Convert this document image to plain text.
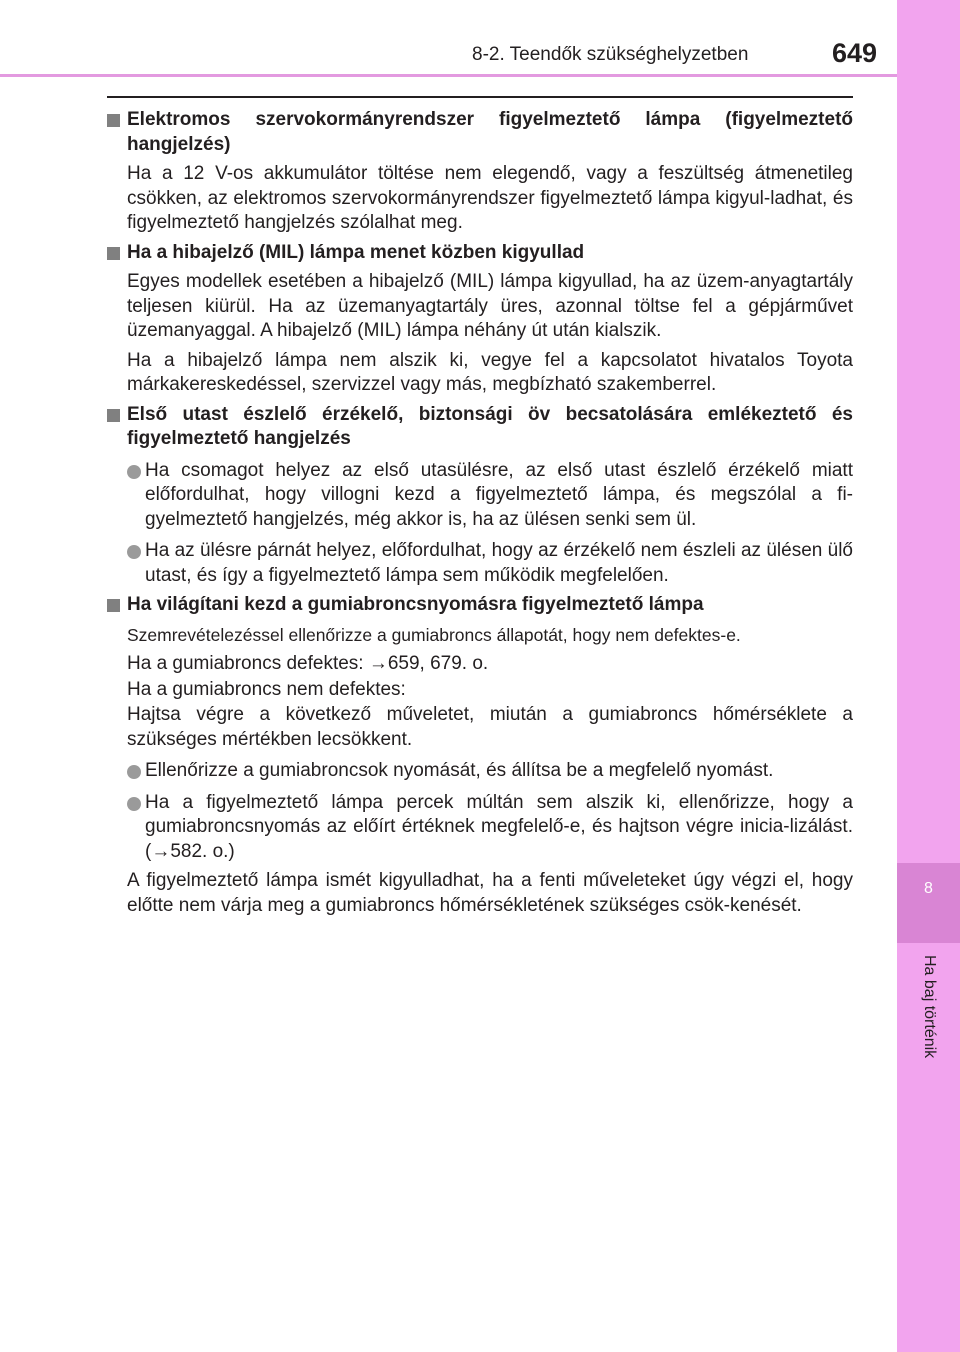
8
Ha baj történik
8-2. Teendők szükséghelyzetben	649
Elektromos szervokormányrendszer figyelmeztető lámpa (figyelmeztető hangjelzés)
Ha a 12 V-os akkumulátor töltése nem elegendő, vagy a feszültség átmenetileg csökken, az elektromos szervokormányrendszer figyelmeztető lámpa kigyul-ladhat, és figyelmeztető hangjelzés szólalhat meg.
Ha a hibajelző (MIL) lámpa menet közben kigyullad
Egyes modellek esetében a hibajelző (MIL) lámpa kigyullad, ha az üzem-anyagtartály teljesen kiürül. Ha az üzemanyagtartály üres, azonnal töltse fel a gépjárművet üzemanyaggal. A hibajelző (MIL) lámpa néhány út után kialszik.
Ha a hibajelző lámpa nem alszik ki, vegye fel a kapcsolatot hivatalos Toyota márkakereskedéssel, szervizzel vagy más, megbízható szakemberrel.
Első utast észlelő érzékelő, biztonsági öv becsatolására emlékeztető és figyelmeztető hangjelzés
Ha csomagot helyez az első utasülésre, az első utast észlelő érzékelő miatt előfordulhat, hogy villogni kezd a figyelmeztető lámpa, és megszólal a fi-gyelmeztető hangjelzés, még akkor is, ha az ülésen senki sem ül.
Ha az ülésre párnát helyez, előfordulhat, hogy az érzékelő nem észleli az ülésen ülő utast, és így a figyelmeztető lámpa sem működik megfelelően.
Ha világítani kezd a gumiabroncsnyomásra figyelmeztető lámpa
Szemrevételezéssel ellenőrizze a gumiabroncs állapotát, hogy nem defektes-e.
Ha a gumiabroncs defektes: →659, 679. o.
Ha a gumiabroncs nem defektes:
Hajtsa végre a következő műveletet, miután a gumiabroncs hőmérséklete a szükséges mértékben lecsökkent.
Ellenőrizze a gumiabroncsok nyomását, és állítsa be a megfelelő nyomást.
Ha a figyelmeztető lámpa percek múltán sem alszik ki, ellenőrizze, hogy a gumiabroncsnyomás az előírt értéknek megfelelő-e, és hajtson végre inicia-lizálást. (→582. o.)
A figyelmeztető lámpa ismét kigyulladhat, ha a fenti műveleteket úgy végzi el, hogy előtte nem várja meg a gumiabroncs hőmérsékletének szükséges csök-kenését.
